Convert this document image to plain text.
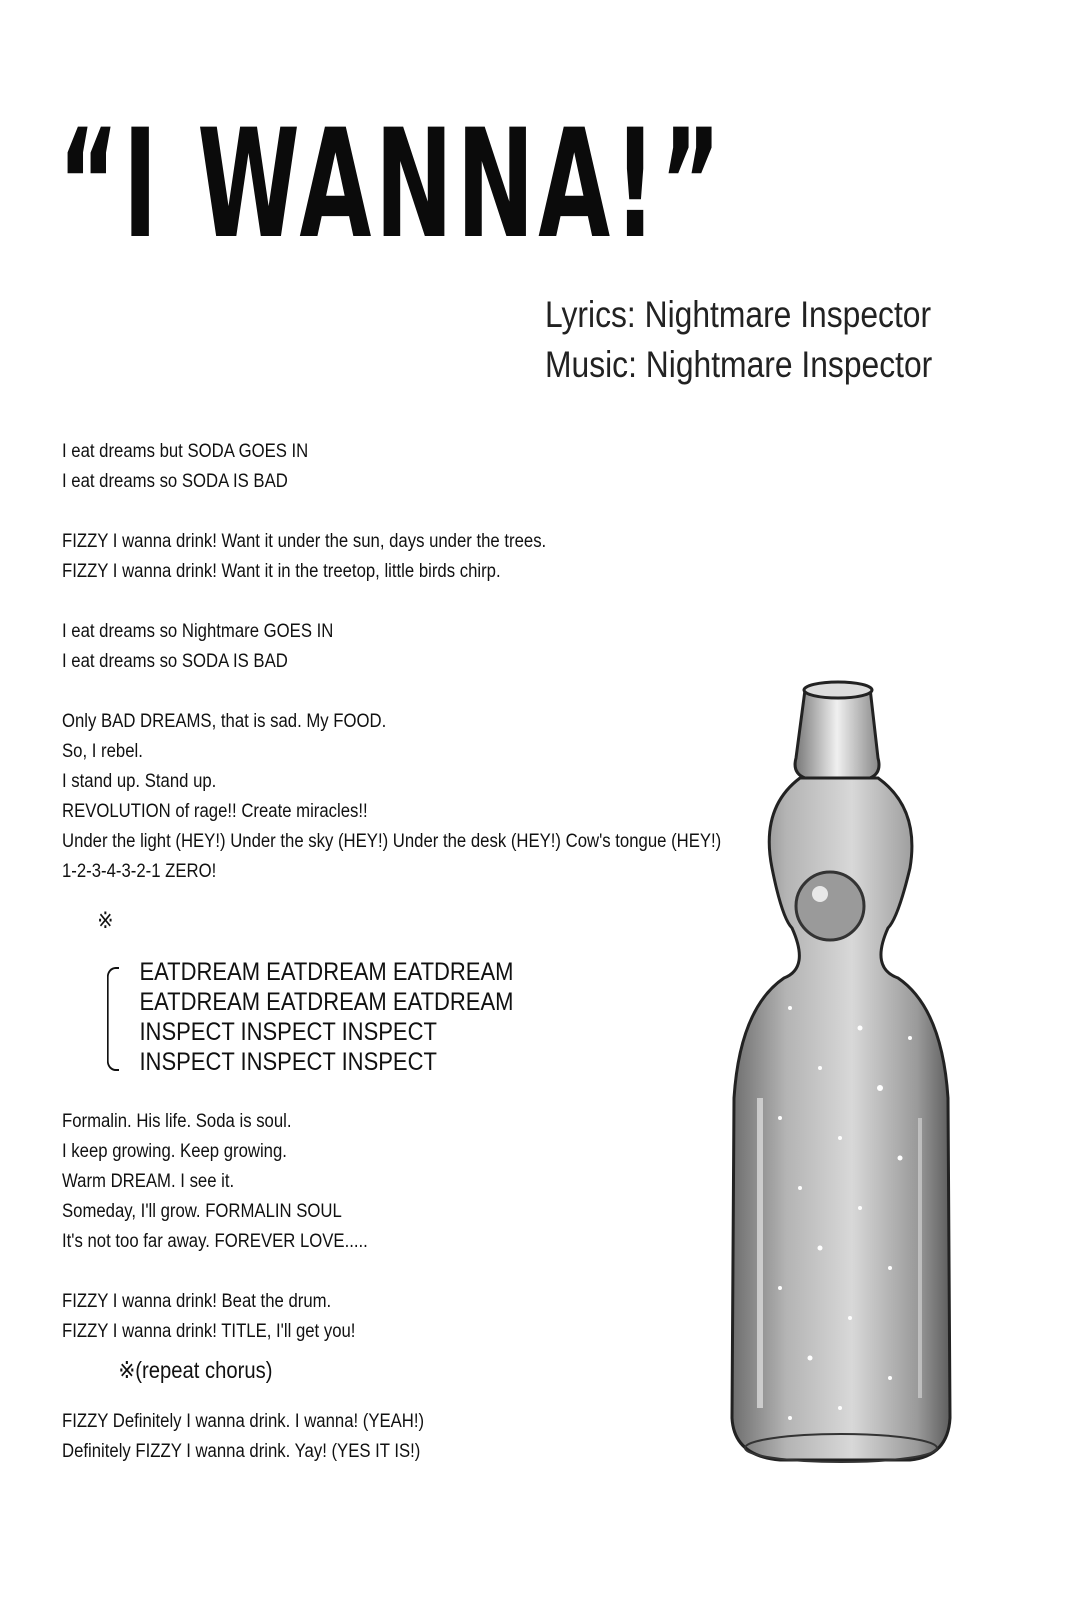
“I WANNA!”
Lyrics: Nightmare Inspector
Music: Nightmare Inspector
I eat dreams but SODA GOES IN
I eat dreams so SODA IS BAD
FIZZY I wanna drink! Want it under the sun, days under the trees.
FIZZY I wanna drink! Want it in the treetop, little birds chirp.
I eat dreams so Nightmare GOES IN
I eat dreams so SODA IS BAD
Only BAD DREAMS, that is sad. My FOOD.
So, I rebel.
I stand up. Stand up.
REVOLUTION of rage!! Create miracles!!
Under the light (HEY!) Under the sky (HEY!) Under the desk (HEY!) Cow's tongue (HEY!)
1-2-3-4-3-2-1 ZERO!
※
EATDREAM EATDREAM EATDREAM
EATDREAM EATDREAM EATDREAM
INSPECT INSPECT INSPECT
INSPECT INSPECT INSPECT
Formalin. His life. Soda is soul.
I keep growing. Keep growing.
Warm DREAM. I see it.
Someday, I'll grow. FORMALIN SOUL
It's not too far away. FOREVER LOVE.....
FIZZY I wanna drink! Beat the drum.
FIZZY I wanna drink! TITLE, I'll get you!
※(repeat chorus)
FIZZY Definitely I wanna drink. I wanna! (YEAH!)
Definitely FIZZY I wanna drink. Yay! (YES IT IS!)
